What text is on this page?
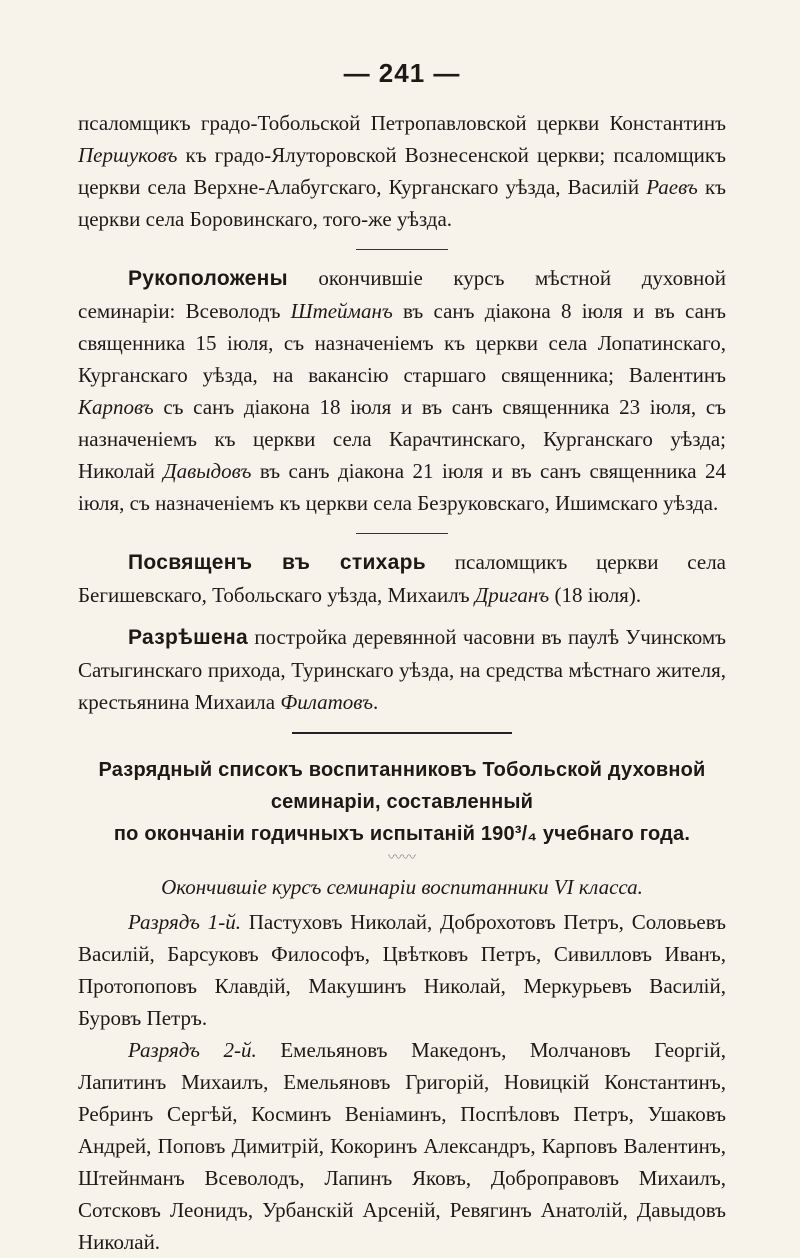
— 241 —

псаломщикъ градо-Тобольской Петропавловской церкви Константинъ Першуковъ къ градо-Ялуторовской Вознесенской церкви; псаломщикъ церкви села Верхне-Алабугскаго, Курганскаго уѣзда, Василій Раевъ къ церкви села Боровинскаго, того-же уѣзда.

Рукоположены окончившіе курсъ мѣстной духовной семинаріи: Всеволодъ Штейманъ въ санъ діакона 8 іюля и въ санъ священника 15 іюля, съ назначеніемъ къ церкви села Лопатинскаго, Курганскаго уѣзда, на вакансію старшаго священника; Валентинъ Карповъ съ санъ діакона 18 іюля и въ санъ священника 23 іюля, съ назначеніемъ къ церкви села Карачтинскаго, Курганскаго уѣзда; Николай Давыдовъ въ санъ діакона 21 іюля и въ санъ священника 24 іюля, съ назначеніемъ къ церкви села Безруковскаго, Ишимскаго уѣзда.

Посвященъ въ стихарь псаломщикъ церкви села Бегишевскаго, Тобольскаго уѣзда, Михаилъ Дриганъ (18 іюля).

Разрѣшена постройка деревянной часовни въ паулѣ Учинскомъ Сатыгинскаго прихода, Туринскаго уѣзда, на средства мѣстнаго жителя, крестьянина Михаила Филатовъ.

Разрядный списокъ воспитанниковъ Тобольской духовной семинаріи, составленный
по окончаніи годичныхъ испытаній 190³/₄ учебнаго года.
〰〰
Окончившіе курсъ семинаріи воспитанники VI класса.

Разрядъ 1-й. Пастуховъ Николай, Доброхотовъ Петръ, Соловьевъ Василій, Барсуковъ Философъ, Цвѣтковъ Петръ, Сивилловъ Иванъ, Протопоповъ Клавдій, Макушинъ Николай, Меркурьевъ Василій, Буровъ Петръ.

Разрядъ 2-й. Емельяновъ Македонъ, Молчановъ Георгій, Лапитинъ Михаилъ, Емельяновъ Григорій, Новицкій Константинъ, Ребринъ Сергѣй, Косминъ Веніаминъ, Поспѣловъ Петръ, Ушаковъ Андрей, Поповъ Димитрій, Кокоринъ Александръ, Карповъ Валентинъ, Штейнманъ Всеволодъ, Лапинъ Яковъ, Доброправовъ Михаилъ, Сотсковъ Леонидъ, Урбанскій Арсеній, Ревягинъ Анатолій, Давыдовъ Николай.
